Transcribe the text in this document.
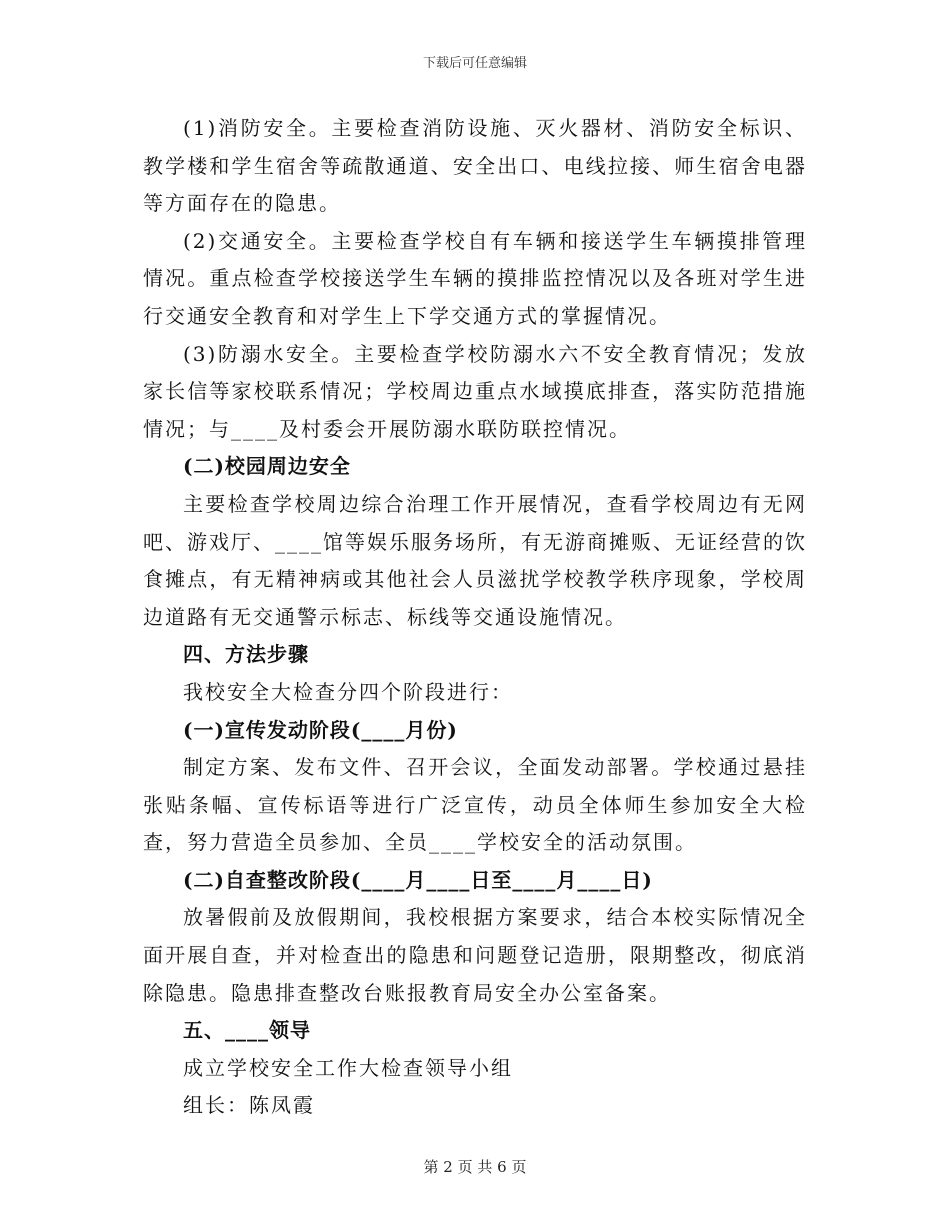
下载后可任意编辑

(1)消防安全。主要检查消防设施、灭火器材、消防安全标识、教学楼和学生宿舍等疏散通道、安全出口、电线拉接、师生宿舍电器等方面存在的隐患。

(2)交通安全。主要检查学校自有车辆和接送学生车辆摸排管理情况。重点检查学校接送学生车辆的摸排监控情况以及各班对学生进行交通安全教育和对学生上下学交通方式的掌握情况。

(3)防溺水安全。主要检查学校防溺水六不安全教育情况；发放家长信等家校联系情况；学校周边重点水域摸底排查，落实防范措施情况；与____及村委会开展防溺水联防联控情况。

(二)校园周边安全

主要检查学校周边综合治理工作开展情况，查看学校周边有无网吧、游戏厅、____馆等娱乐服务场所，有无游商摊贩、无证经营的饮食摊点，有无精神病或其他社会人员滋扰学校教学秩序现象，学校周边道路有无交通警示标志、标线等交通设施情况。

四、方法步骤

我校安全大检查分四个阶段进行：

(一)宣传发动阶段(____月份)

制定方案、发布文件、召开会议，全面发动部署。学校通过悬挂张贴条幅、宣传标语等进行广泛宣传，动员全体师生参加安全大检查，努力营造全员参加、全员____学校安全的活动氛围。

(二)自查整改阶段(____月____日至____月____日)

放暑假前及放假期间，我校根据方案要求，结合本校实际情况全面开展自查，并对检查出的隐患和问题登记造册，限期整改，彻底消除隐患。隐患排查整改台账报教育局安全办公室备案。

五、____领导

成立学校安全工作大检查领导小组

组长：陈凤霞

第 2 页 共 6 页
